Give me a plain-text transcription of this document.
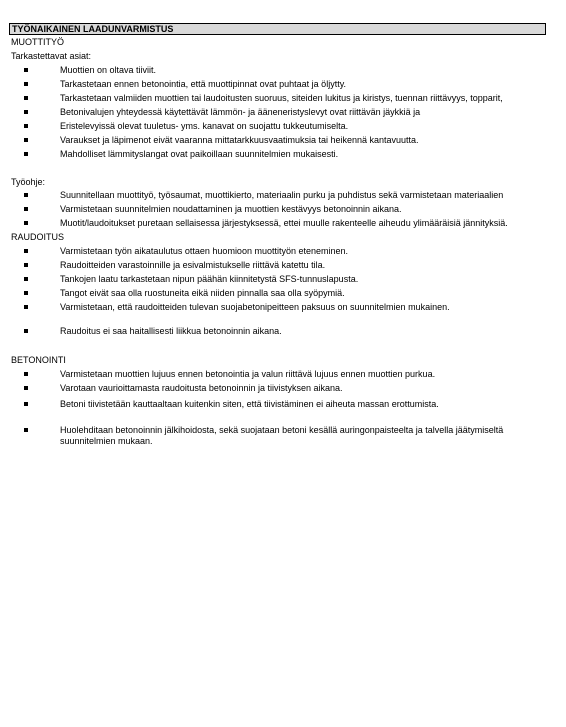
TYÖNAIKAINEN LAADUNVARMISTUS
MUOTTITYÖ
Tarkastettavat asiat:
Muottien on oltava tiiviit.
Tarkastetaan ennen betonointia, että muottipinnat ovat puhtaat ja öljytty.
Tarkastetaan valmiiden muottien tai laudoitusten suoruus, siteiden lukitus ja kiristys, tuennan riittävyys, topparit,
Betonivalujen yhteydessä käytettävät lämmön- ja ääneneristyslevyt ovat riittävän jäykkiä ja
Eristelevyissä olevat tuuletus- yms. kanavat on suojattu tukkeutumiselta.
Varaukset ja läpimenot eivät vaaranna mittatarkkuusvaatimuksia tai heikennä kantavuutta.
Mahdolliset lämmityslangat ovat paikoillaan suunnitelmien mukaisesti.
Työohje:
Suunnitellaan muottityö, työsaumat, muottikierto, materiaalin purku ja puhdistus sekä varmistetaan materiaalien
Varmistetaan suunnitelmien noudattaminen ja muottien kestävyys betonoinnin aikana.
Muotit/laudoitukset puretaan sellaisessa järjestyksessä, ettei muulle rakenteelle aiheudu ylimääräisiä jännityksiä.
RAUDOITUS
Varmistetaan työn aikataulutus ottaen huomioon muottityön eteneminen.
Raudoitteiden varastoinnille ja esivalmistukselle riittävä katettu tila.
Tankojen laatu tarkastetaan nipun päähän kiinnitetystä SFS-tunnuslapusta.
Tangot eivät saa olla ruostuneita eikä niiden pinnalla saa olla syöpymiä.
Varmistetaan, että raudoitteiden tulevan suojabetonipeitteen paksuus on suunnitelmien mukainen.
Raudoitus ei saa haitallisesti liikkua betonoinnin aikana.
BETONOINTI
Varmistetaan muottien lujuus ennen betonointia ja valun riittävä lujuus ennen muottien purkua.
Varotaan vaurioittamasta raudoitusta betonoinnin ja tiivistyksen aikana.
Betoni tiivistetään kauttaaltaan kuitenkin siten, että tiivistäminen ei aiheuta massan erottumista.
Huolehditaan betonoinnin jälkihoidosta, sekä suojataan betoni kesällä auringonpaisteelta ja talvella jäätymiseltä suunnitelmien mukaan.
